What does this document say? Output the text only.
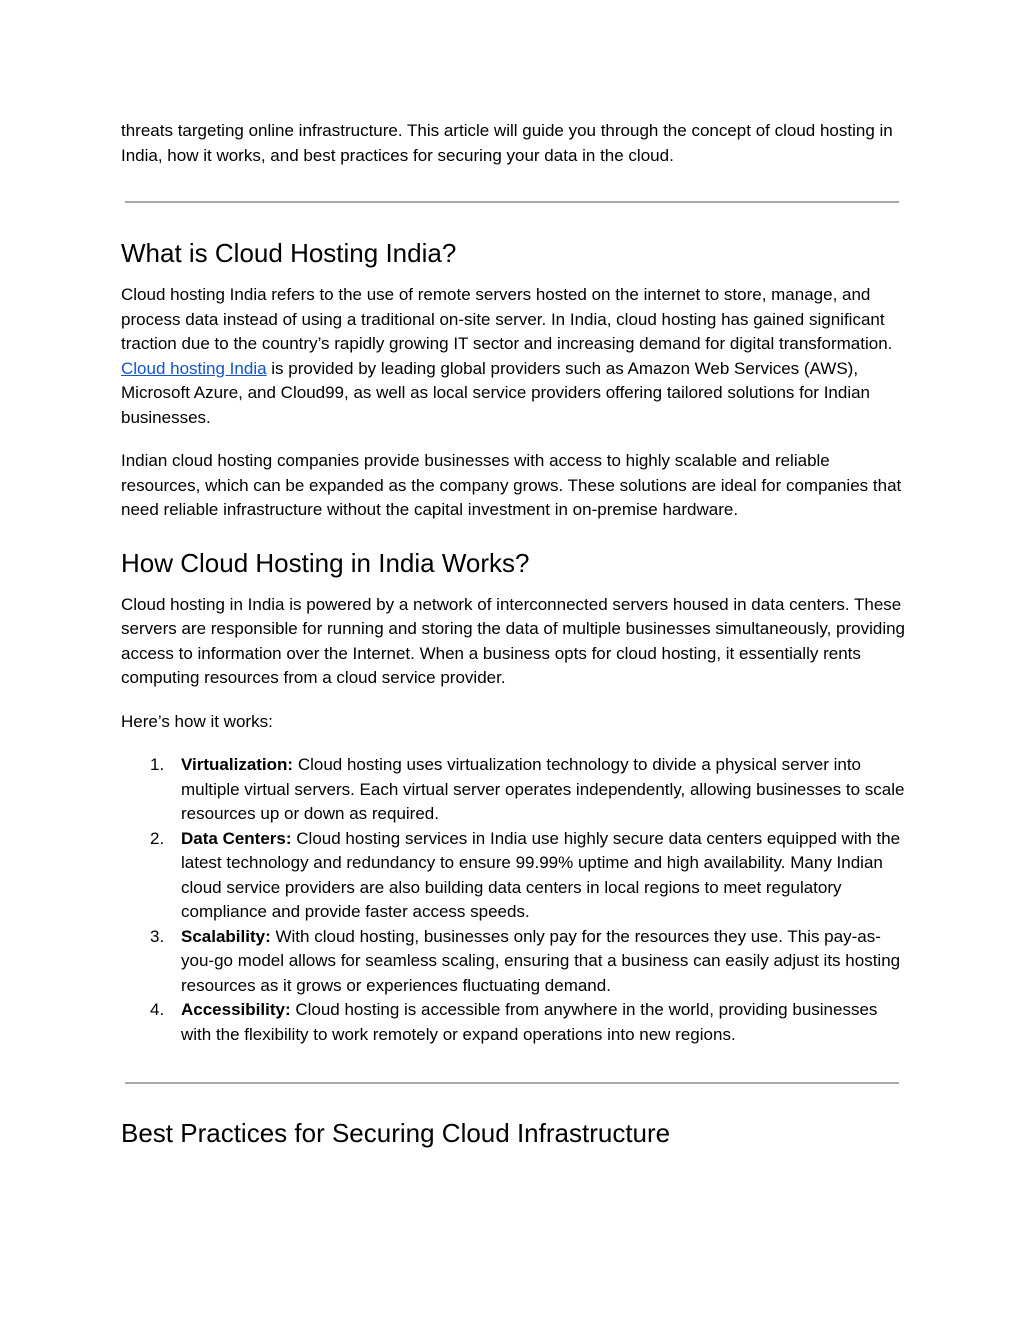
threats targeting online infrastructure. This article will guide you through the concept of cloud hosting in India, how it works, and best practices for securing your data in the cloud.

What is Cloud Hosting India?

Cloud hosting India refers to the use of remote servers hosted on the internet to store, manage, and process data instead of using a traditional on-site server. In India, cloud hosting has gained significant traction due to the country’s rapidly growing IT sector and increasing demand for digital transformation. Cloud hosting India is provided by leading global providers such as Amazon Web Services (AWS), Microsoft Azure, and Cloud99, as well as local service providers offering tailored solutions for Indian businesses.

Indian cloud hosting companies provide businesses with access to highly scalable and reliable resources, which can be expanded as the company grows. These solutions are ideal for companies that need reliable infrastructure without the capital investment in on-premise hardware.

How Cloud Hosting in India Works?

Cloud hosting in India is powered by a network of interconnected servers housed in data centers. These servers are responsible for running and storing the data of multiple businesses simultaneously, providing access to information over the Internet. When a business opts for cloud hosting, it essentially rents computing resources from a cloud service provider.

Here’s how it works:

1. Virtualization: Cloud hosting uses virtualization technology to divide a physical server into multiple virtual servers. Each virtual server operates independently, allowing businesses to scale resources up or down as required.
2. Data Centers: Cloud hosting services in India use highly secure data centers equipped with the latest technology and redundancy to ensure 99.99% uptime and high availability. Many Indian cloud service providers are also building data centers in local regions to meet regulatory compliance and provide faster access speeds.
3. Scalability: With cloud hosting, businesses only pay for the resources they use. This pay-as-you-go model allows for seamless scaling, ensuring that a business can easily adjust its hosting resources as it grows or experiences fluctuating demand.
4. Accessibility: Cloud hosting is accessible from anywhere in the world, providing businesses with the flexibility to work remotely or expand operations into new regions.
Best Practices for Securing Cloud Infrastructure
